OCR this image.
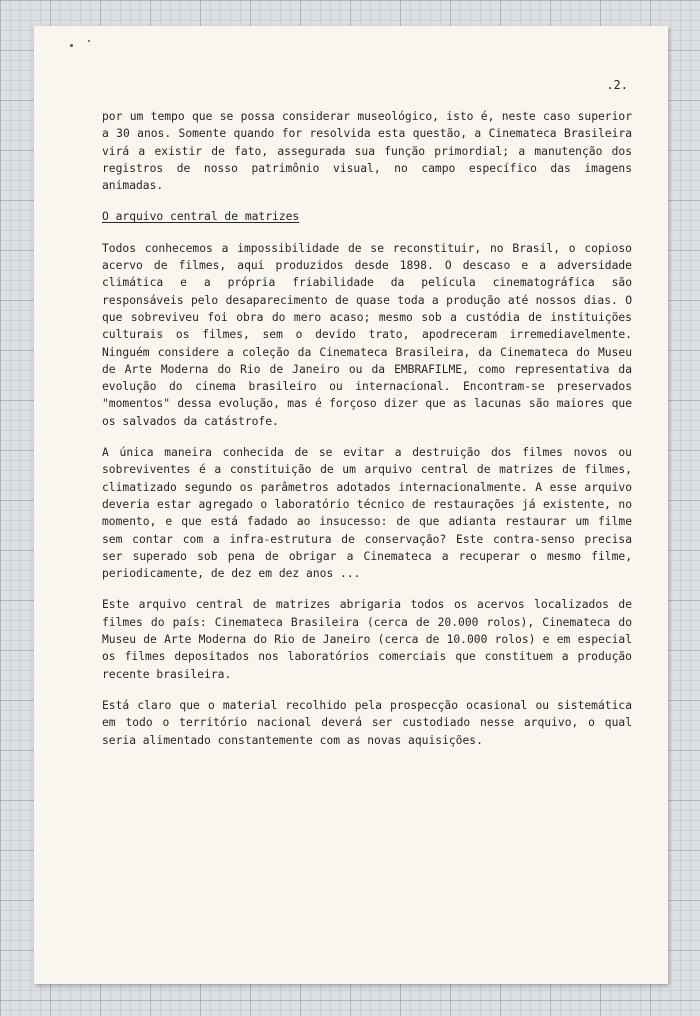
.2.

por um tempo que se possa considerar museológico, isto é, neste caso superior a 30 anos. Somente quando for resolvida esta questão, a Cinemateca Brasileira virá a existir de fato, assegurada sua função primordial; a manutenção dos registros de nosso patrimônio visual, no campo específico das imagens animadas.

O arquivo central de matrizes

Todos conhecemos a impossibilidade de se reconstituir, no Brasil, o copioso acervo de filmes, aqui produzidos desde 1898. O descaso e a adversidade climática e a própria friabilidade da película cinematográfica são responsáveis pelo desaparecimento de quase toda a produção até nossos dias. O que sobreviveu foi obra do mero acaso; mesmo sob a custódia de instituições culturais os filmes, sem o devido trato, apodreceram irremediavelmente. Ninguém considere a coleção da Cinemateca Brasileira, da Cinemateca do Museu de Arte Moderna do Rio de Janeiro ou da EMBRAFILME, como representativa da evolução do cinema brasileiro ou internacional. Encontram-se preservados "momentos" dessa evolução, mas é forçoso dizer que as lacunas são maiores que os salvados da catástrofe.

A única maneira conhecida de se evitar a destruição dos filmes novos ou sobreviventes é a constituição de um arquivo central de matrizes de filmes, climatizado segundo os parâmetros adotados internacionalmente. A esse arquivo deveria estar agregado o laboratório técnico de restaurações já existente, no momento, e que está fadado ao insucesso: de que adianta restaurar um filme sem contar com a infra-estrutura de conservação? Este contra-senso precisa ser superado sob pena de obrigar a Cinemateca a recuperar o mesmo filme, periodicamente, de dez em dez anos ...

Este arquivo central de matrizes abrigaria todos os acervos localizados de filmes do país: Cinemateca Brasileira (cerca de 20.000 rolos), Cinemateca do Museu de Arte Moderna do Rio de Janeiro (cerca de 10.000 rolos) e em especial os filmes depositados nos laboratórios comerciais que constituem a produção recente brasileira.

Está claro que o material recolhido pela prospecção ocasional ou sistemática em todo o território nacional deverá ser custodiado nesse arquivo, o qual seria alimentado constantemente com as novas aquisições.
